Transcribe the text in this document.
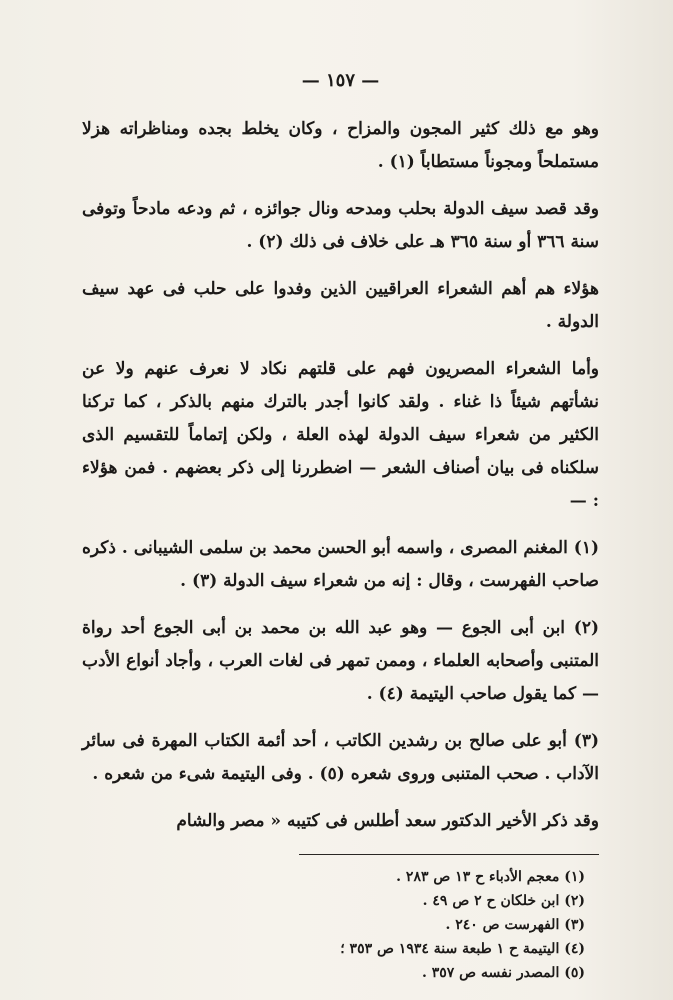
— ١٥٧ —

وهو مع ذلك كثير المجون والمزاح ، وكان يخلط بجده ومناظراته هزلا مستملحاً ومجوناً مستطاباً (١) .

وقد قصد سيف الدولة بحلب ومدحه ونال جوائزه ، ثم ودعه مادحاً وتوفى سنة ٣٦٦ أو سنة ٣٦٥ هـ على خلاف فى ذلك (٢) .

هؤلاء هم أهم الشعراء العراقيين الذين وفدوا على حلب فى عهد سيف الدولة .

وأما الشعراء المصريون فهم على قلتهم نكاد لا نعرف عنهم ولا عن نشأتهم شيئاً ذا غناء . ولقد كانوا أجدر بالترك منهم بالذكر ، كما تركنا الكثير من شعراء سيف الدولة لهذه العلة ، ولكن إتماماً للتقسيم الذى سلكناه فى بيان أصناف الشعر — اضطررنا إلى ذكر بعضهم . فمن هؤلاء : —

(١) المغنم المصرى ، واسمه أبو الحسن محمد بن سلمى الشيبانى . ذكره صاحب الفهرست ، وقال : إنه من شعراء سيف الدولة (٣) .

(٢) ابن أبى الجوع — وهو عبد الله بن محمد بن أبى الجوع أحد رواة المتنبى وأصحابه العلماء ، وممن تمهر فى لغات العرب ، وأجاد أنواع الأدب — كما يقول صاحب اليتيمة (٤) .

(٣) أبو على صالح بن رشدين الكاتب ، أحد أئمة الكتاب المهرة فى سائر الآداب . صحب المتنبى وروى شعره (٥) . وفى اليتيمة شىء من شعره .

وقد ذكر الأخير الدكتور سعد أطلس فى كتيبه « مصر والشام

(١) معجم الأدباء ح ١٣ ص ٢٨٣ .
(٢) ابن خلكان ح ٢ ص ٤٩ .
(٣) الفهرست ص ٢٤٠ .
(٤) اليتيمة ح ١ طبعة سنة ١٩٣٤ ص ٣٥٣ ؛
(٥) المصدر نفسه ص ٣٥٧ .
